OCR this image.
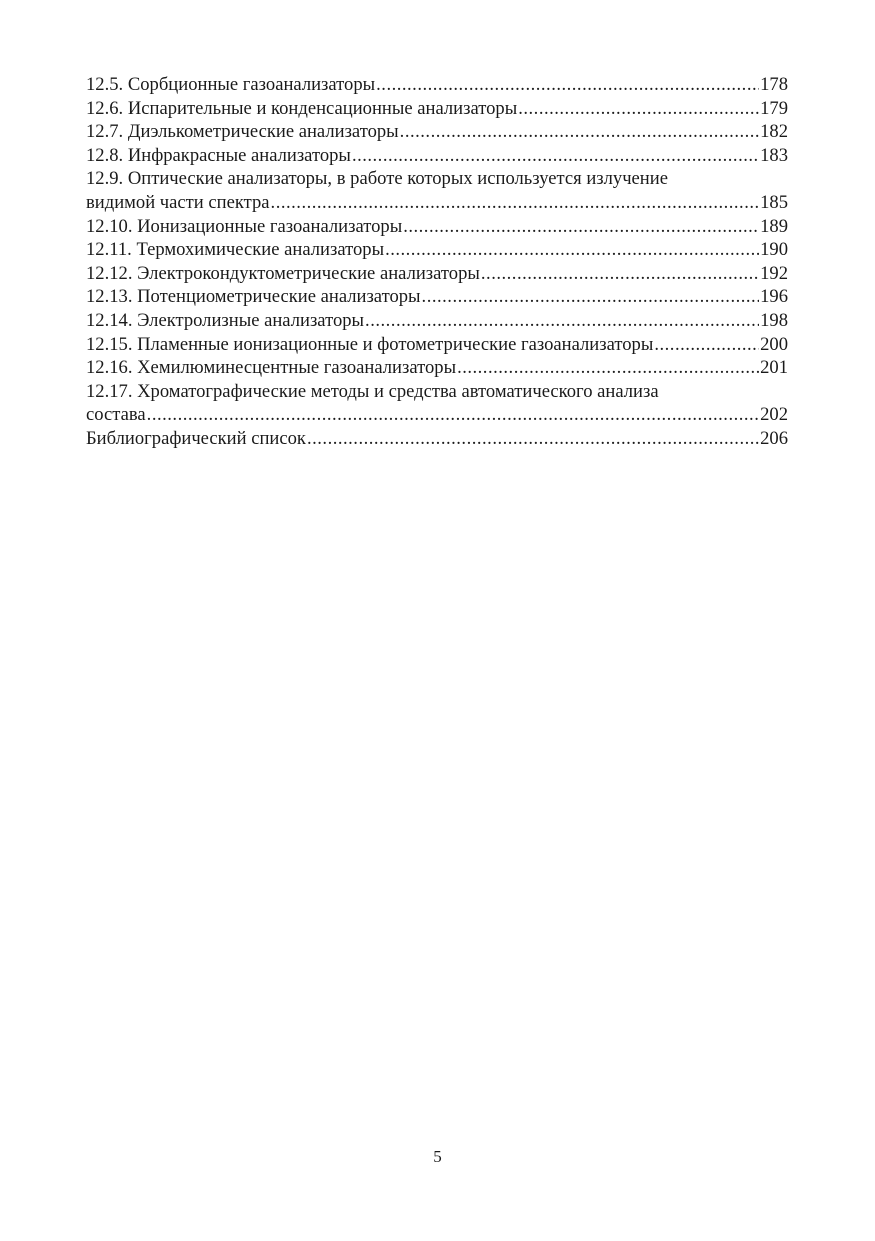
12.5. Сорбционные газоанализаторы .....	178
12.6. Испарительные и конденсационные анализаторы .....	179
12.7. Диэлькометрические анализаторы .....	182
12.8. Инфракрасные анализаторы .....	183
12.9. Оптические анализаторы, в работе которых используется излучение
видимой части спектра .....	185
12.10. Ионизационные газоанализаторы .....	189
12.11. Термохимические анализаторы .....	190
12.12. Электрокондуктометрические анализаторы .....	192
12.13. Потенциометрические анализаторы .....	196
12.14. Электролизные анализаторы .....	198
12.15. Пламенные ионизационные и фотометрические газоанализаторы .....	200
12.16. Хемилюминесцентные газоанализаторы .....	201
12.17. Хроматографические методы и средства автоматического анализа
состава .....	202
Библиографический список .....	206
5
